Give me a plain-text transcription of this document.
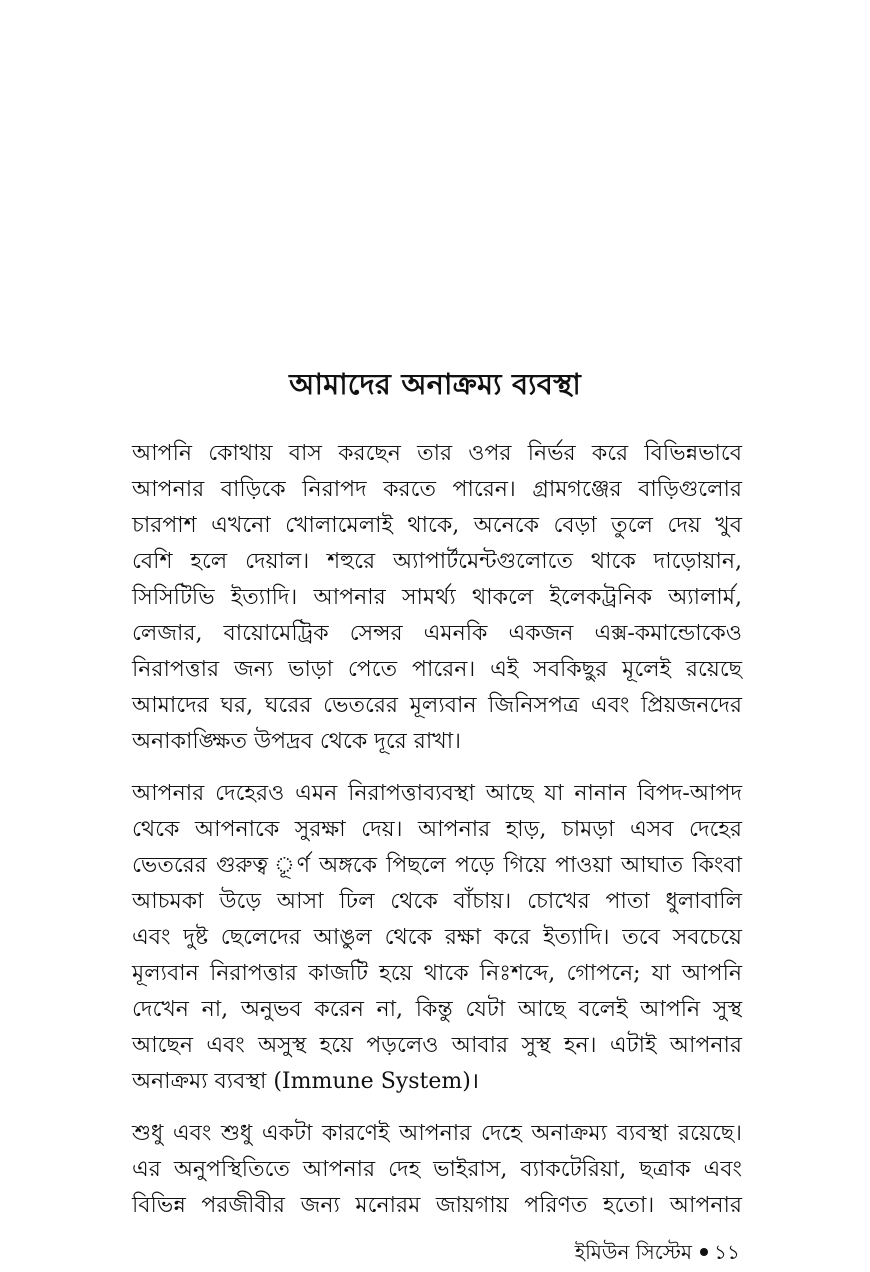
আমাদের অনাক্রম্য ব্যবস্থা

আপনি কোথায় বাস করছেন তার ওপর নির্ভর করে বিভিন্নভাবে
আপনার বাড়িকে নিরাপদ করতে পারেন। গ্রামগঞ্জের বাড়িগুলোর
চারপাশ এখনো খোলামেলাই থাকে, অনেকে বেড়া তুলে দেয় খুব
বেশি হলে দেয়াল। শহুরে অ্যাপার্টমেন্টগুলোতে থাকে দাড়োয়ান,
সিসিটিভি ইত্যাদি। আপনার সামর্থ্য থাকলে ইলেকট্রনিক অ্যালার্ম,
লেজার, বায়োমেট্রিক সেন্সর এমনকি একজন এক্স-কমান্ডোকেও
নিরাপত্তার জন্য ভাড়া পেতে পারেন। এই সবকিছুর মূলেই রয়েছে
আমাদের ঘর, ঘরের ভেতরের মূল্যবান জিনিসপত্র এবং প্রিয়জনদের
অনাকাঙ্ক্ষিত উপদ্রব থেকে দূরে রাখা।

আপনার দেহেরও এমন নিরাপত্তাব্যবস্থা আছে যা নানান বিপদ-আপদ
থেকে আপনাকে সুরক্ষা দেয়। আপনার হাড়, চামড়া এসব দেহের
ভেতরের গুরুত্ব ূর্ণ অঙ্গকে পিছলে পড়ে গিয়ে পাওয়া আঘাত কিংবা
আচমকা উড়ে আসা ঢিল থেকে বাঁচায়। চোখের পাতা ধুলাবালি
এবং দুষ্ট ছেলেদের আঙুল থেকে রক্ষা করে ইত্যাদি। তবে সবচেয়ে
মূল্যবান নিরাপত্তার কাজটি হয়ে থাকে নিঃশব্দে, গোপনে; যা আপনি
দেখেন না, অনুভব করেন না, কিন্তু যেটা আছে বলেই আপনি সুস্থ
আছেন এবং অসুস্থ হয়ে পড়লেও আবার সুস্থ হন। এটাই আপনার
অনাক্রম্য ব্যবস্থা (Immune System)।

শুধু এবং শুধু একটা কারণেই আপনার দেহে অনাক্রম্য ব্যবস্থা রয়েছে।
এর অনুপস্থিতিতে আপনার দেহ ভাইরাস, ব্যাকটেরিয়া, ছত্রাক এবং
বিভিন্ন পরজীবীর জন্য মনোরম জায়গায় পরিণত হতো। আপনার

ইমিউন সিস্টেম ১১
